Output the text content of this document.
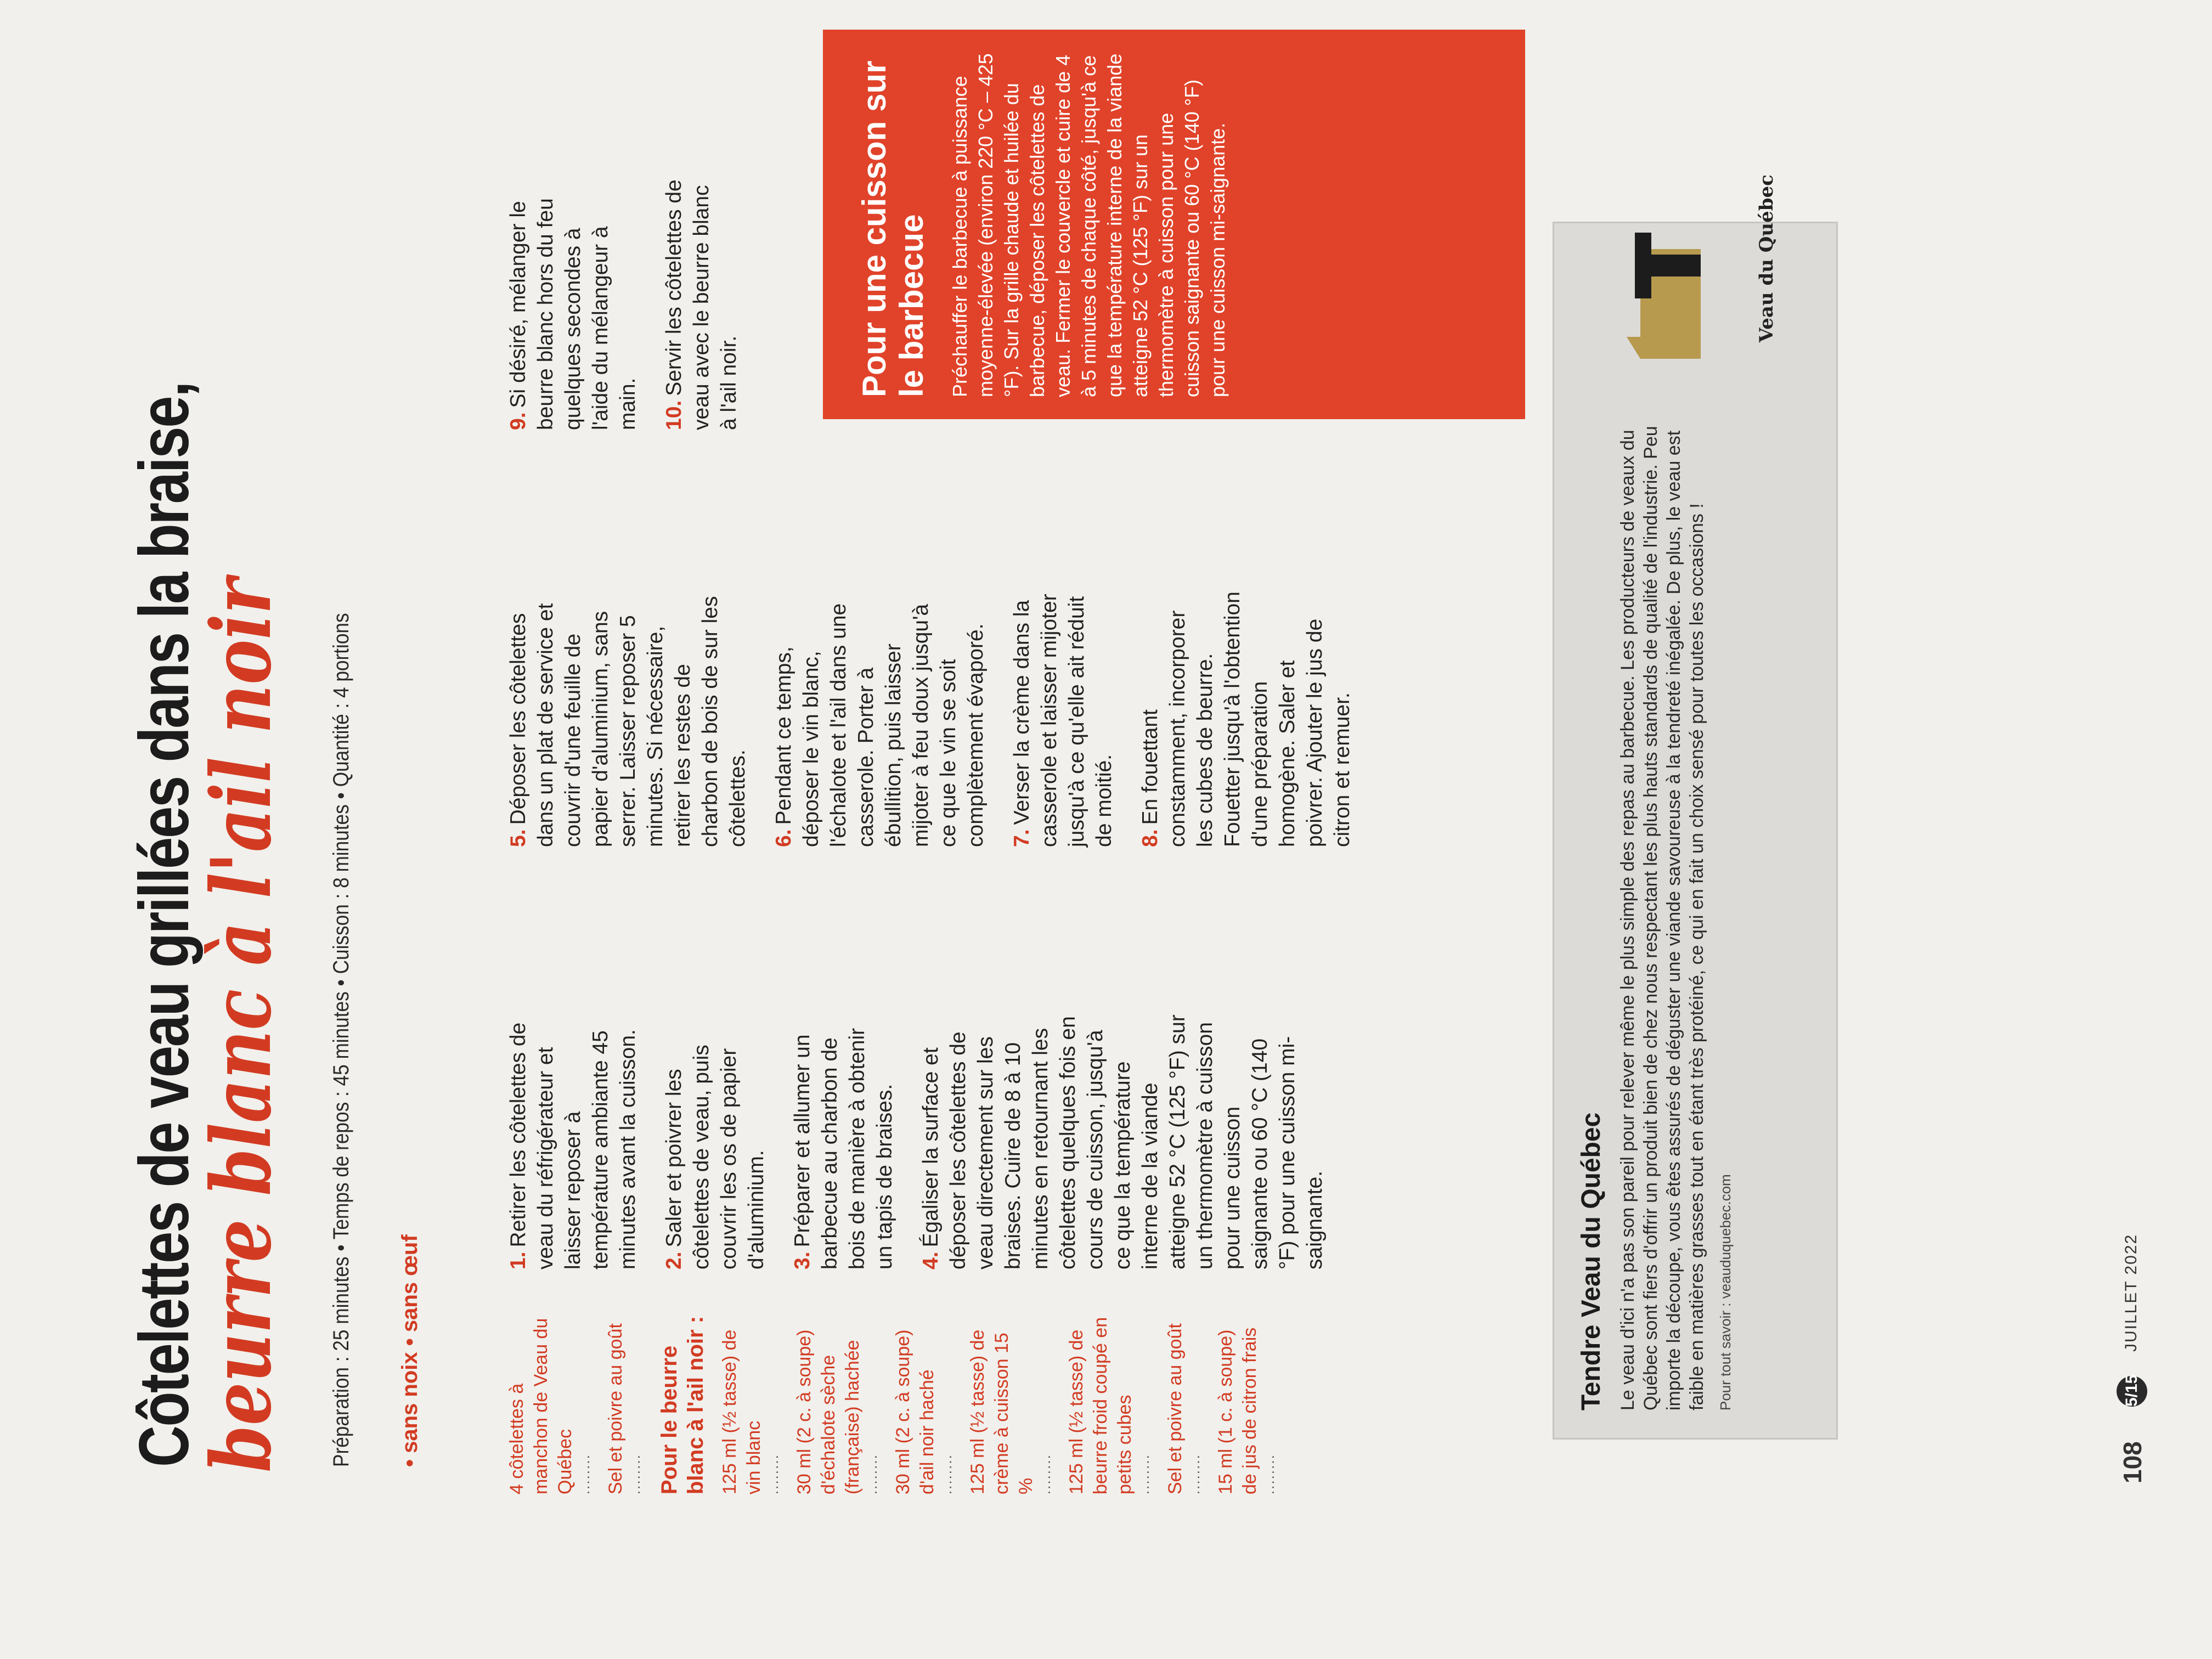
Côtelettes de veau grillées dans la braise,
beurre blanc à l'ail noir Préparation : 25 minutes • Temps de repos : 45 minutes • Cuisson : 8 minutes • Quantité : 4 portions • sans noix • sans œuf	4 côtelettes à manchon de Veau du Québec ........ Sel et poivre au goût ........ Pour le beurre blanc à l'ail noir : 125 ml (½ tasse) de vin blanc ........ 30 ml (2 c. à soupe) d'échalote sèche (française) hachée ........ 30 ml (2 c. à soupe) d'ail noir haché ........ 125 ml (½ tasse) de crème à cuisson 15 % ........ 125 ml (½ tasse) de beurre froid coupé en petits cubes ........ Sel et poivre au goût ........ 15 ml (1 c. à soupe) de jus de citron frais ........
1.Retirer les côtelettes de veau du réfrigérateur et laisser reposer à température ambiante 45 minutes avant la cuisson. 2.Saler et poivrer les côtelettes de veau, puis couvrir les os de papier d'aluminium. 3.Préparer et allumer un barbecue au charbon de bois de manière à obtenir un tapis de braises. 4.Égaliser la surface et déposer les côtelettes de veau directement sur les braises. Cuire de 8 à 10 minutes en retournant les côtelettes quelques fois en cours de cuisson, jusqu'à ce que la température interne de la viande atteigne 52 °C (125 °F) sur un thermomètre à cuisson pour une cuisson saignante ou 60 °C (140 °F) pour une cuisson mi-saignante.
5.Déposer les côtelettes dans un plat de service et couvrir d'une feuille de papier d'aluminium, sans serrer. Laisser reposer 5 minutes. Si nécessaire, retirer les restes de charbon de bois de sur les côtelettes. 6.Pendant ce temps, déposer le vin blanc, l'échalote et l'ail dans une casserole. Porter à ébullition, puis laisser mijoter à feu doux jusqu'à ce que le vin se soit complètement évaporé. 7.Verser la crème dans la casserole et laisser mijoter jusqu'à ce qu'elle ait réduit de moitié. 8.En fouettant constamment, incorporer les cubes de beurre. Fouetter jusqu'à l'obtention d'une préparation homogène. Saler et poivrer. Ajouter le jus de citron et remuer.
9.Si désiré, mélanger le beurre blanc hors du feu quelques secondes à l'aide du mélangeur à main. 10.Servir les côtelettes de veau avec le beurre blanc à l'ail noir.	Pour une cuisson sur le barbecue Préchauffer le barbecue à puissance moyenne-élevée (environ 220 °C – 425 °F). Sur la grille chaude et huilée du barbecue, déposer les côtelettes de veau. Fermer le couvercle et cuire de 4 à 5 minutes de chaque côté, jusqu'à ce que la température interne de la viande atteigne 52 °C (125 °F) sur un thermomètre à cuisson pour une cuisson saignante ou 60 °C (140 °F) pour une cuisson mi-saignante.
Tendre Veau du Québec Le veau d'ici n'a pas son pareil pour relever même le plus simple des repas au barbecue. Les producteurs de veaux du Québec sont fiers d'offrir un produit bien de chez nous respectant les plus hauts standards de qualité de l'industrie. Peu importe la découpe, vous êtes assurés de déguster une viande savoureuse à la tendreté inégalée. De plus, le veau est faible en matières grasses tout en étant très protéiné, ce qui en fait un choix sensé pour toutes les occasions ! Pour tout savoir : veauduquebec.com
Veau du Québec
108
5/15
JUILLET 2022
